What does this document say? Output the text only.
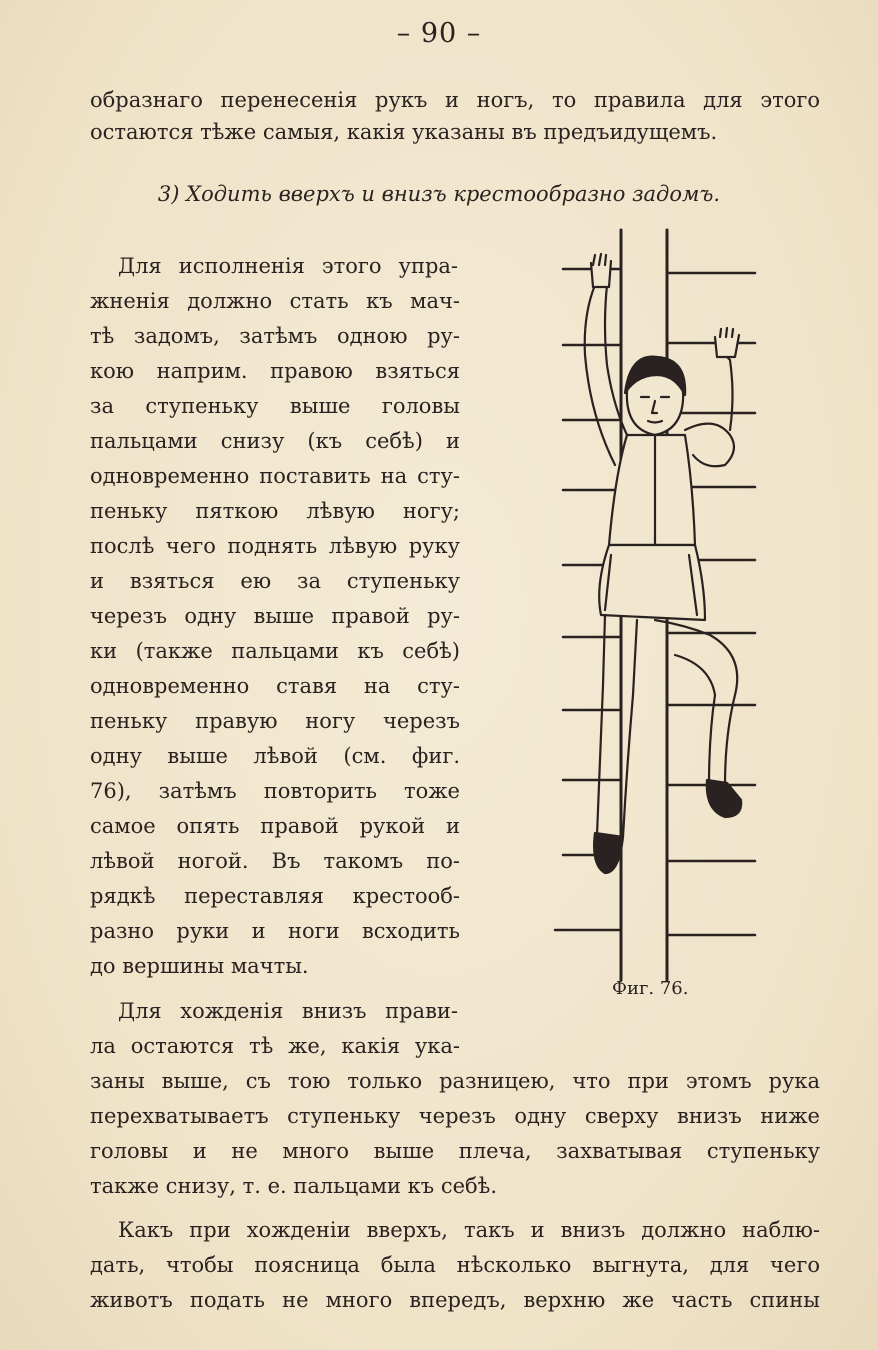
– 90 –
образнаго перенесенія рукъ и ногъ, то правила для этого
остаются тѣже самыя, какія указаны въ предъидущемъ.
3) Ходить вверхъ и внизъ крестообразно задомъ.
Для исполненія этого упра-
жненія должно стать къ мач-
тѣ задомъ, затѣмъ одною ру-
кою наприм. правою взяться
за ступеньку выше головы
пальцами снизу (къ себѣ) и
одновременно поставить на сту-
пеньку пяткою лѣвую ногу;
послѣ чего поднять лѣвую руку
и взяться ею за ступеньку
черезъ одну выше правой ру-
ки (также пальцами къ себѣ)
одновременно ставя на сту-
пеньку правую ногу черезъ
одну выше лѣвой (см. фиг.
76), затѣмъ повторить тоже
самое опять правой рукой и
лѣвой ногой. Въ такомъ по-
рядкѣ переставляя крестооб-
разно руки и ноги всходить
до вершины мачты.
Для хожденія внизъ прави-
ла остаются тѣ же, какія ука-
заны выше, съ тою только разницею, что при этомъ рука
перехватываетъ ступеньку черезъ одну сверху внизъ ниже
головы и не много выше плеча, захватывая ступеньку
также снизу, т. е. пальцами къ себѣ.
Какъ при хожденіи вверхъ, такъ и внизъ должно наблю-
дать, чтобы поясница была нѣсколько выгнута, для чего
животъ подать не много впередъ, верхню же часть спины
Фиг. 76.
